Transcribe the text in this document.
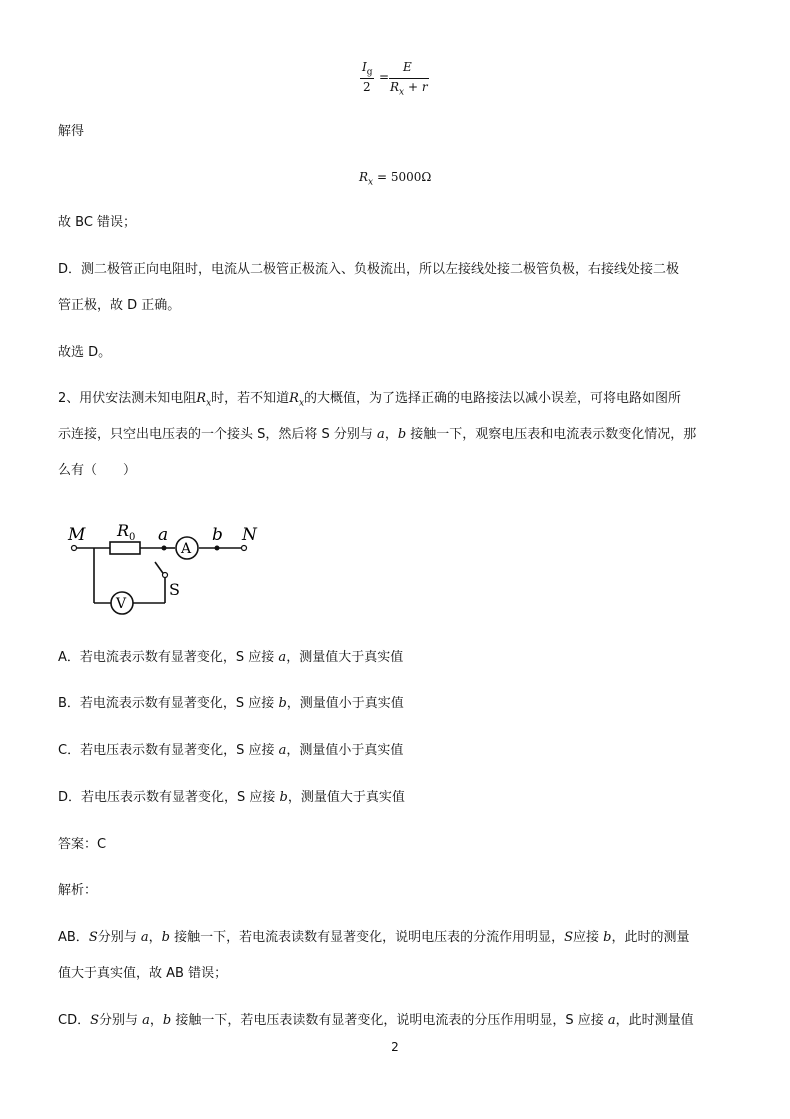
$I_g$
2
=
E
$R_x + r$
解得
$R_x = 5000\Omega$
故 BC 错误；
D．测二极管正向电阻时，电流从二极管正极流入、负极流出，所以左接线处接二极管负极，右接线处接二极
管正极，故 D 正确。
故选 D。
2、用伏安法测未知电阻$R_x$时，若不知道$R_x$的大概值，为了选择正确的电路接法以减小误差，可将电路如图所
示连接，只空出电压表的一个接头 S，然后将 S 分别与 a，b 接触一下，观察电压表和电流表示数变化情况，那
么有（　　）
M $R_0$ a	b N
A
V
S
A．若电流表示数有显著变化，S 应接 a，测量值大于真实值
B．若电流表示数有显著变化，S 应接 b，测量值小于真实值
C．若电压表示数有显著变化，S 应接 a，测量值小于真实值
D．若电压表示数有显著变化，S 应接 b，测量值大于真实值
答案：C
解析：
AB．S分别与 a，b 接触一下，若电流表读数有显著变化，说明电压表的分流作用明显，S应接 b，此时的测量
值大于真实值，故 AB 错误；
CD．S分别与 a，b 接触一下，若电压表读数有显著变化，说明电流表的分压作用明显，S 应接 a，此时测量值
2
